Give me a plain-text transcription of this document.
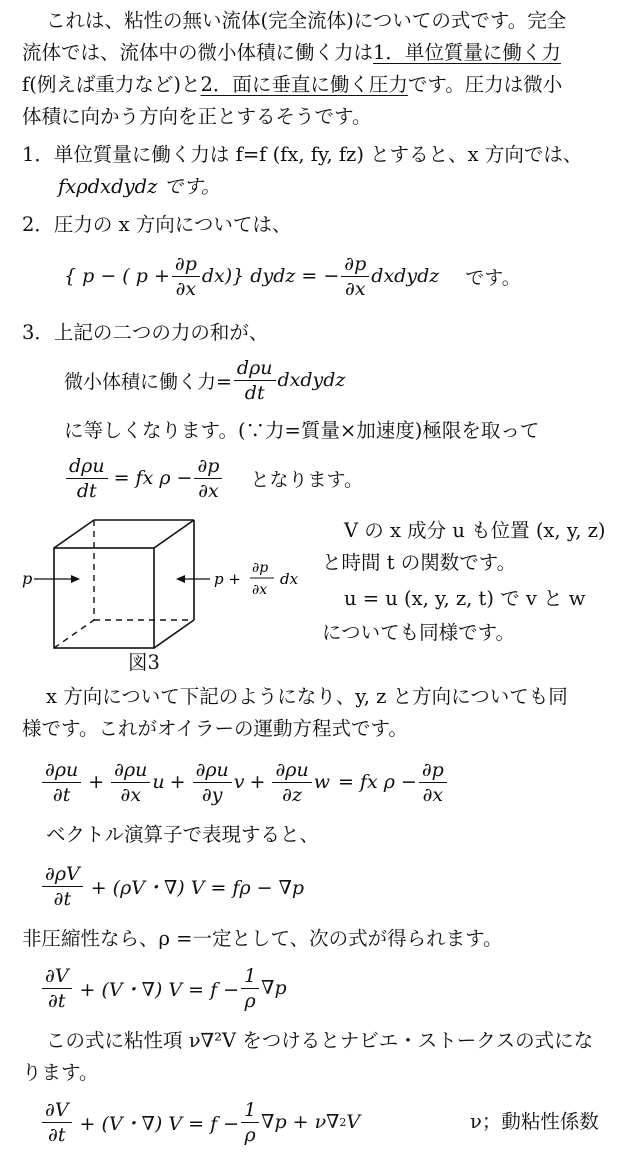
これは、粘性の無い流体(完全流体)についての式です。完全
流体では、流体中の微小体積に働く力は1．単位質量に働く力
f(例えば重力など)と2．面に垂直に働く圧力です。圧力は微小
体積に向かう方向を正とするそうです。
1．単位質量に働く力は f=f (fx, fy, fz) とすると、x 方向では、
fxρdxdydz です。
2．圧力の x 方向については、
{ p − ( $p + \frac{\partial p}{\partial x} dx$)} dydz = − $\frac{\partial p}{\partial x}$ dxdydz です。
3．上記の二つの力の和が、
微小体積に働く力= $\frac{\text{dρu}}{dt}$ dxdydz
に等しくなります。(∵力=質量×加速度)極限を取って
$\frac{\text{dρu}}{dt}$ = fx $\rho - \frac{\partial p}{\partial x}$ となります。
p	p +
∂p
∂x
dx
図3
V の x 成分 u も位置 (x, y, z)
と時間 t の関数です。
u = u (x, y, z, t) で v と w
についても同様です。
x 方向について下記のようになり、y, z と方向についても同
様です。これがオイラーの運動方程式です。
$\frac{\partial\rho u}{\partial t} + \frac{\partial\rho u}{\partial x}$ $u + \frac{\partial\rho u}{\partial y}$ $v + \frac{\partial\rho u}{\partial z}$ w = fx $\rho - \frac{\partial p}{\partial x}$
ベクトル演算子で表現すると、
$\frac{\partial\rho V}{\partial t} + (\rho V$・∇) V = fρ − ∇p
非圧縮性なら、ρ =一定として、次の式が得られます。
$\frac{\partial V}{\partial t} + (V$・∇) $V = f - \frac{1}{\rho} \nabla p$
この式に粘性項 ν∇²V をつけるとナビエ・ストークスの式にな
ります。
$\frac{\partial V}{\partial t} + (V$・∇) $V = f - \frac{1}{\rho} \nabla p + \nu\nabla$ 2 V	ν；動粘性係数
